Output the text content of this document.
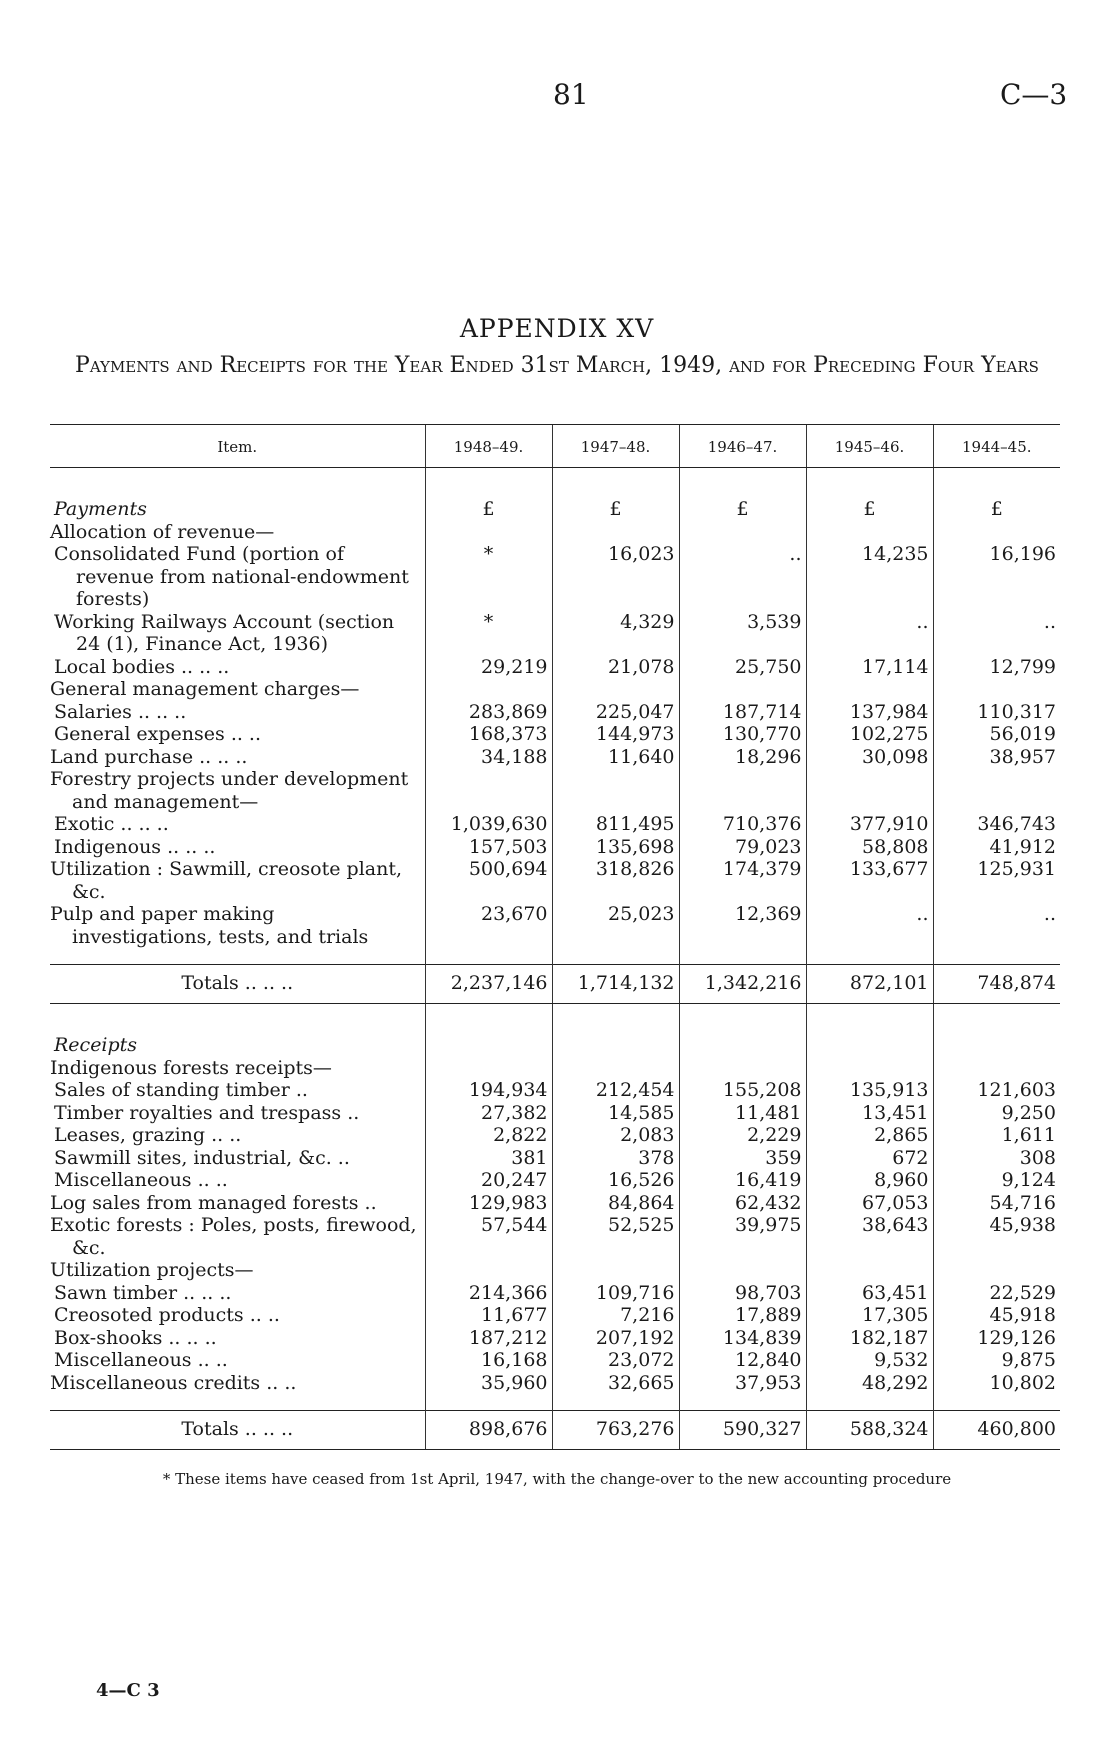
81	C—3
APPENDIX XV
Payments and Receipts for the Year Ended 31st March, 1949, and for Preceding Four Years
Item.	1948–49.	1947–48.	1946–47.	1945–46.	1944–45.
Payments	£	£	£	£	£
Allocation of revenue—					
Consolidated Fund (portion of revenue from national-endowment forests)	*	16,023	..	14,235	16,196
Working Railways Account (section 24 (1), Finance Act, 1936)	*	4,329	3,539	..	..
Local bodies .. .. ..	29,219	21,078	25,750	17,114	12,799
General management charges—					
Salaries .. .. ..	283,869	225,047	187,714	137,984	110,317
General expenses .. ..	168,373	144,973	130,770	102,275	56,019
Land purchase .. .. ..	34,188	11,640	18,296	30,098	38,957
Forestry projects under development and management—					
Exotic .. .. ..	1,039,630	811,495	710,376	377,910	346,743
Indigenous .. .. ..	157,503	135,698	79,023	58,808	41,912
Utilization : Sawmill, creosote plant, &c.	500,694	318,826	174,379	133,677	125,931
Pulp and paper making investigations, tests, and trials	23,670	25,023	12,369	..	..

Totals .. .. ..	2,237,146	1,714,132	1,342,216	872,101	748,874
Receipts					
Indigenous forests receipts—					
Sales of standing timber ..	194,934	212,454	155,208	135,913	121,603
Timber royalties and trespass ..	27,382	14,585	11,481	13,451	9,250
Leases, grazing .. ..	2,822	2,083	2,229	2,865	1,611
Sawmill sites, industrial, &c. ..	381	378	359	672	308
Miscellaneous .. ..	20,247	16,526	16,419	8,960	9,124
Log sales from managed forests ..	129,983	84,864	62,432	67,053	54,716
Exotic forests : Poles, posts, firewood, &c.	57,544	52,525	39,975	38,643	45,938
Utilization projects—					
Sawn timber .. .. ..	214,366	109,716	98,703	63,451	22,529
Creosoted products .. ..	11,677	7,216	17,889	17,305	45,918
Box-shooks .. .. ..	187,212	207,192	134,839	182,187	129,126
Miscellaneous .. ..	16,168	23,072	12,840	9,532	9,875
Miscellaneous credits .. ..	35,960	32,665	37,953	48,292	10,802

Totals .. .. ..	898,676	763,276	590,327	588,324	460,800
* These items have ceased from 1st April, 1947, with the change-over to the new accounting procedure
4—C 3
